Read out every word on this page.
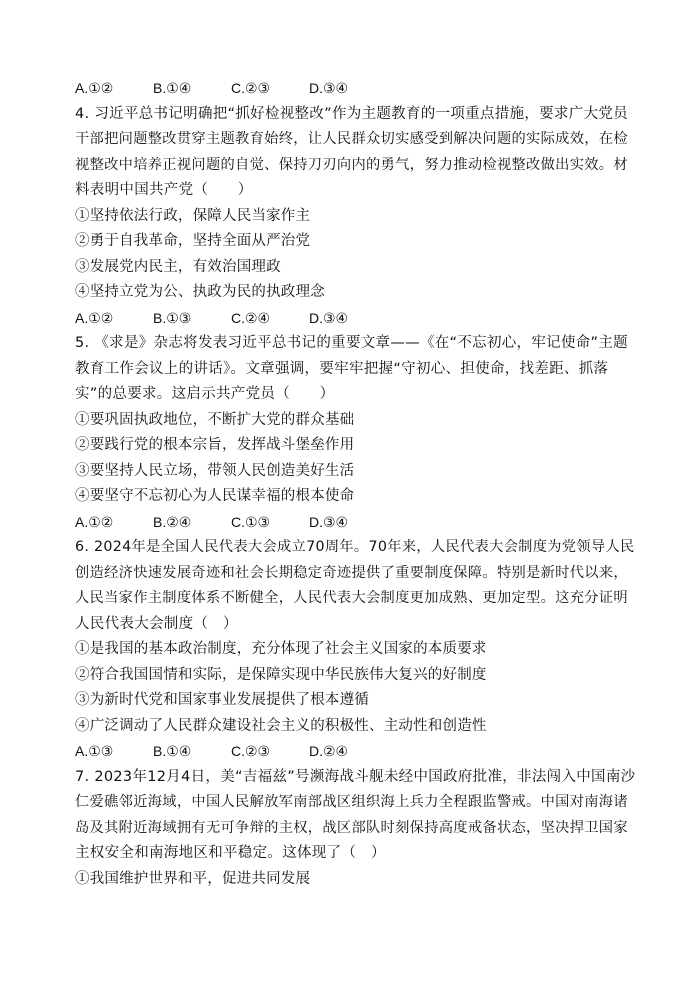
A.①②	B.①④	C.②③	D.③④
4. 习近平总书记明确把“抓好检视整改”作为主题教育的一项重点措施，要求广大党员
干部把问题整改贯穿主题教育始终，让人民群众切实感受到解决问题的实际成效，在检
视整改中培养正视问题的自觉、保持刀刃向内的勇气，努力推动检视整改做出实效。材
料表明中国共产党（　　）
①坚持依法行政，保障人民当家作主
②勇于自我革命，坚持全面从严治党
③发展党内民主，有效治国理政
④坚持立党为公、执政为民的执政理念
A.①②	B.①③	C.②④	D.③④
5. 《求是》杂志将发表习近平总书记的重要文章——《在“不忘初心，牢记使命”主题
教育工作会议上的讲话》。文章强调，要牢牢把握“守初心、担使命，找差距、抓落
实”的总要求。这启示共产党员（　　）
①要巩固执政地位，不断扩大党的群众基础
②要践行党的根本宗旨，发挥战斗堡垒作用
③要坚持人民立场，带领人民创造美好生活
④要坚守不忘初心为人民谋幸福的根本使命
A.①②	B.②④	C.①③	D.③④
6. 2024年是全国人民代表大会成立70周年。70年来，人民代表大会制度为党领导人民
创造经济快速发展奇迹和社会长期稳定奇迹提供了重要制度保障。特别是新时代以来，
人民当家作主制度体系不断健全，人民代表大会制度更加成熟、更加定型。这充分证明
人民代表大会制度（　）
①是我国的基本政治制度，充分体现了社会主义国家的本质要求
②符合我国国情和实际，是保障实现中华民族伟大复兴的好制度
③为新时代党和国家事业发展提供了根本遵循
④广泛调动了人民群众建设社会主义的积极性、主动性和创造性
A.①③	B.①④	C.②③	D.②④
7. 2023年12月4日，美“吉福兹”号濒海战斗舰未经中国政府批准，非法闯入中国南沙
仁爱礁邻近海域，中国人民解放军南部战区组织海上兵力全程跟监警戒。中国对南海诸
岛及其附近海域拥有无可争辩的主权，战区部队时刻保持高度戒备状态，坚决捍卫国家
主权安全和南海地区和平稳定。这体现了（　）
①我国维护世界和平，促进共同发展
